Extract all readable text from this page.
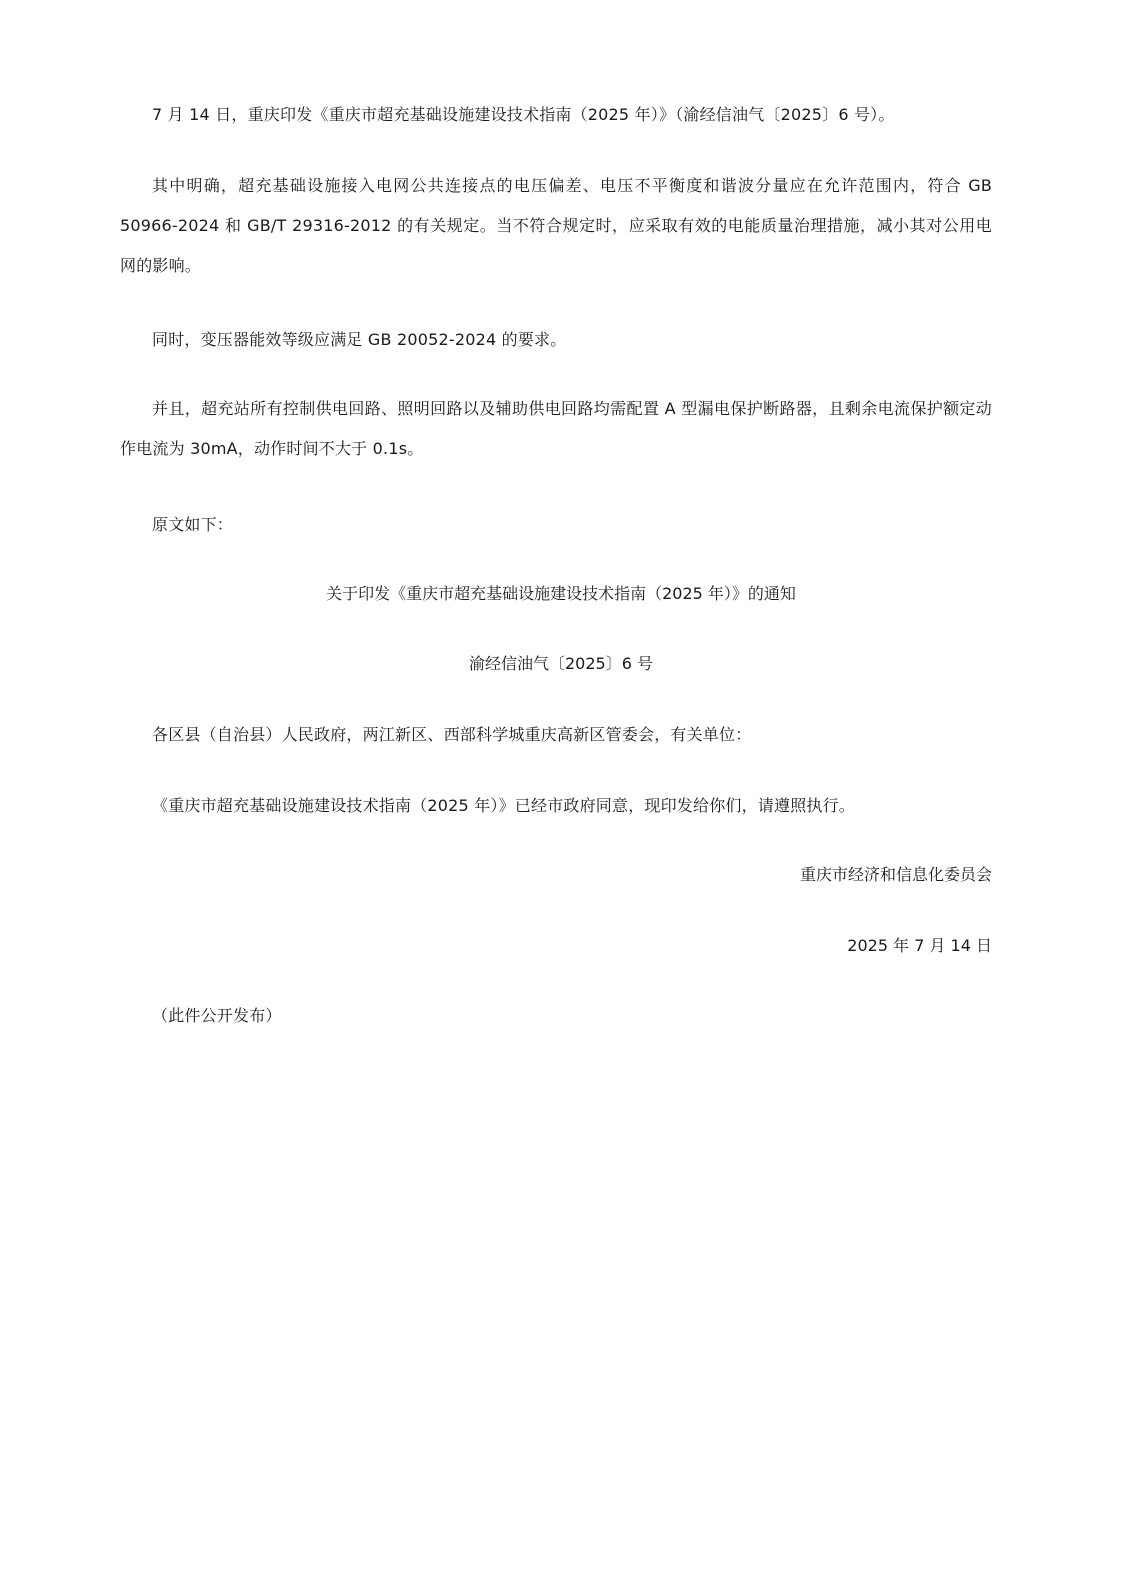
7 月 14 日，重庆印发《重庆市超充基础设施建设技术指南（2025 年）》（渝经信油气〔2025〕6 号）。
其中明确，超充基础设施接入电网公共连接点的电压偏差、电压不平衡度和谐波分量应在允许范围内，符合 GB 50966-2024 和 GB/T 29316-2012 的有关规定。当不符合规定时，应采取有效的电能质量治理措施，减小其对公用电网的影响。
同时，变压器能效等级应满足 GB 20052-2024 的要求。
并且，超充站所有控制供电回路、照明回路以及辅助供电回路均需配置 A 型漏电保护断路器，且剩余电流保护额定动作电流为 30mA，动作时间不大于 0.1s。
原文如下：
关于印发《重庆市超充基础设施建设技术指南（2025 年）》的通知
渝经信油气〔2025〕6 号
各区县（自治县）人民政府，两江新区、西部科学城重庆高新区管委会，有关单位：
《重庆市超充基础设施建设技术指南（2025 年）》已经市政府同意，现印发给你们，请遵照执行。
重庆市经济和信息化委员会
2025 年 7 月 14 日
（此件公开发布）
